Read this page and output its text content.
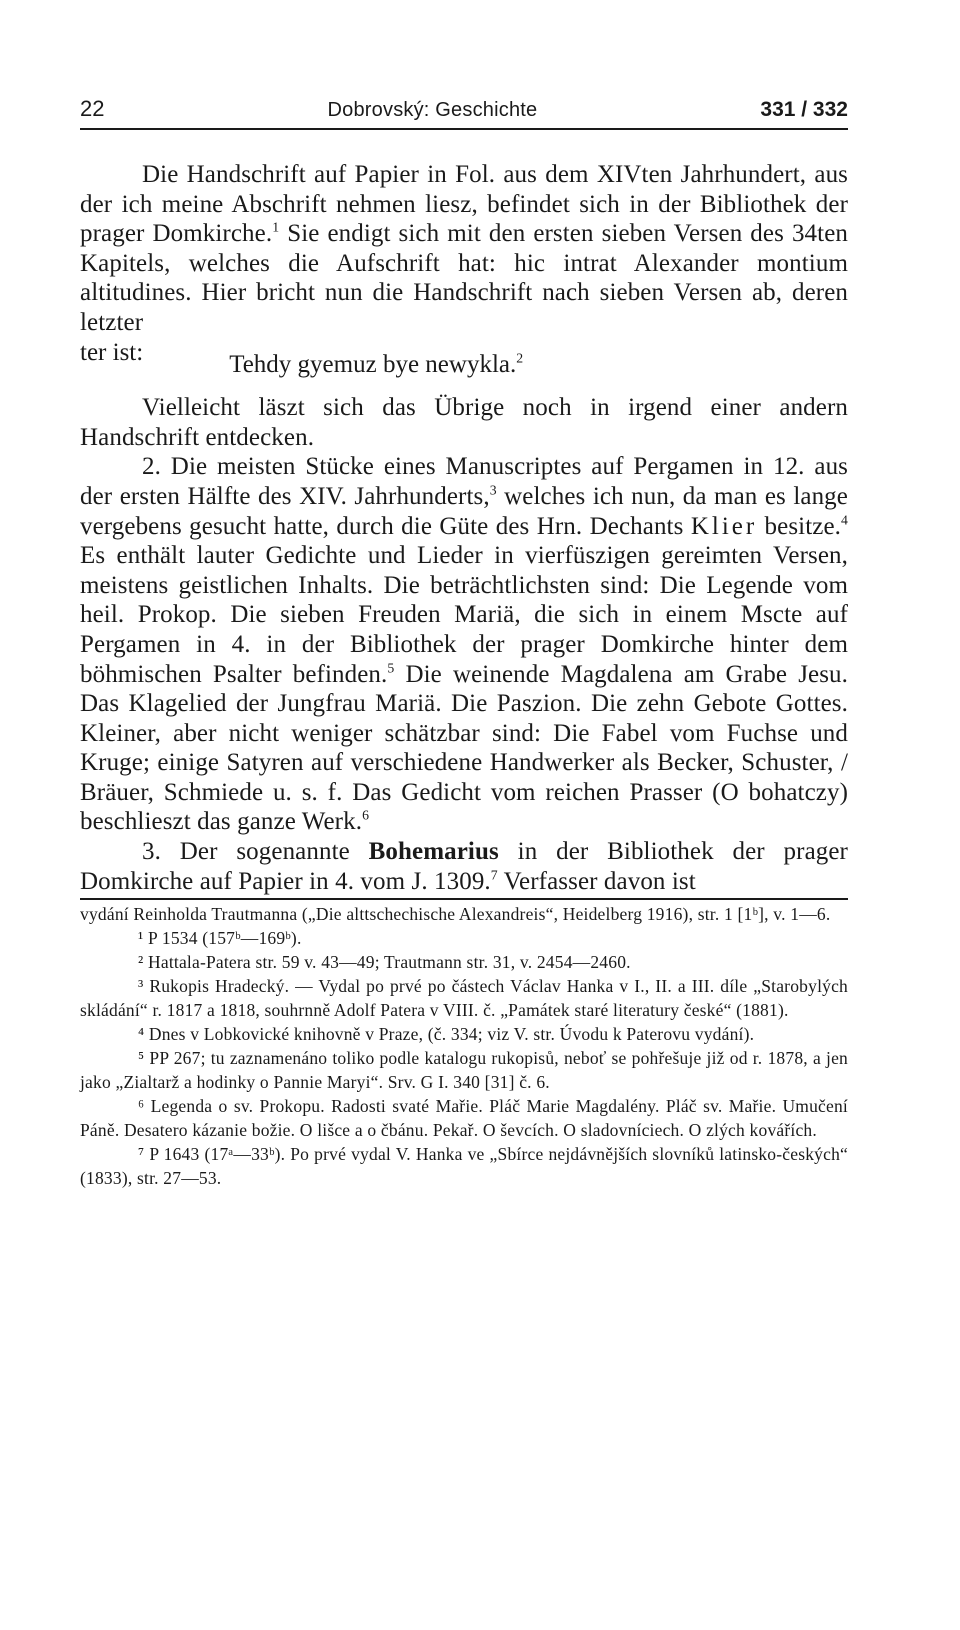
22	Dobrovský: Geschichte	331 / 332

Die Handschrift auf Papier in Fol. aus dem XIVten Jahrhundert, aus der ich meine Abschrift nehmen liesz, befindet sich in der Bibliothek der prager Domkirche.$^1$ Sie endigt sich mit den ersten sieben Versen des 34ten Kapitels, welches die Aufschrift hat: hic intrat Alexander montium altitudines. Hier bricht nun die Handschrift nach sieben Versen ab, deren letzter

ter ist:	Tehdy gyemuz bye newykla.$^2$

Vielleicht läszt sich das Übrige noch in irgend einer andern Handschrift entdecken.

2. Die meisten Stücke eines Manuscriptes auf Pergamen in 12. aus der ersten Hälfte des XIV. Jahrhunderts,$^3$ welches ich nun, da man es lange vergebens gesucht hatte, durch die Güte des Hrn. Dechants Klier besitze.$^4$ Es enthält lauter Gedichte und Lieder in vierfüszigen gereimten Versen, meistens geistlichen Inhalts. Die beträchtlichsten sind: Die Legende vom heil. Prokop. Die sieben Freuden Mariä, die sich in einem Mscte auf Pergamen in 4. in der Bibliothek der prager Domkirche hinter dem böhmischen Psalter befinden.$^5$ Die weinende Magdalena am Grabe Jesu. Das Klagelied der Jungfrau Mariä. Die Paszion. Die zehn Gebote Gottes. Kleiner, aber nicht weniger schätzbar sind: Die Fabel vom Fuchse und Kruge; einige Satyren auf verschiedene Handwerker als Becker, Schuster, / Bräuer, Schmiede u. s. f. Das Gedicht vom reichen Prasser (O bohatczy) beschlieszt das ganze Werk.$^6$

3. Der sogenannte Bohemarius in der Bibliothek der prager Domkirche auf Papier in 4. vom J. 1309.$^7$ Verfasser davon ist

vydání Reinholda Trautmanna („Die alttschechische Alexandreis“, Heidelberg 1916), str. 1 [1ᵇ], v. 1—6.

¹ P 1534 (157ᵇ—169ᵇ).

² Hattala-Patera str. 59 v. 43—49; Trautmann str. 31, v. 2454—2460.

³ Rukopis Hradecký. — Vydal po prvé po částech Václav Hanka v I., II. a III. díle „Starobylých skládání“ r. 1817 a 1818, souhrnně Adolf Patera v VIII. č. „Památek staré literatury české“ (1881).

⁴ Dnes v Lobkovické knihovně v Praze, (č. 334; viz V. str. Úvodu k Paterovu vydání).

⁵ PP 267; tu zaznamenáno toliko podle katalogu rukopisů, neboť se pohřešuje již od r. 1878, a jen jako „Zialtarž a hodinky o Pannie Maryi“. Srv. G I. 340 [31] č. 6.

⁶ Legenda o sv. Prokopu. Radosti svaté Mařie. Pláč Marie Magdalény. Pláč sv. Mařie. Umučení Páně. Desatero kázanie božie. O lišce a o čbánu. Pekař. O ševcích. O sladovníciech. O zlých kovářích.

⁷ P 1643 (17ᵃ—33ᵇ). Po prvé vydal V. Hanka ve „Sbírce nejdávnějších slovníků latinsko-českých“ (1833), str. 27—53.
